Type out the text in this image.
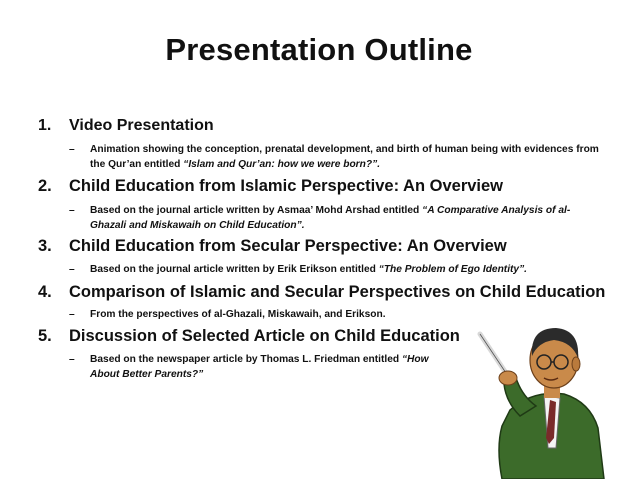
Presentation Outline
1.	Video Presentation
–	Animation showing the conception, prenatal development, and birth of human being with evidences from the Qur’an entitled “Islam and Qur’an: how we were born?”.
2.	Child Education from Islamic Perspective: An Overview
–	Based on the journal article written by Asmaa’ Mohd Arshad entitled “A Comparative Analysis of al-Ghazali and Miskawaih on Child Education”.
3.	Child Education from Secular Perspective: An Overview
–	Based on the journal article written by Erik Erikson entitled “The Problem of Ego Identity”.
4.	Comparison of Islamic and Secular Perspectives on Child Education
–	From the perspectives of al-Ghazali, Miskawaih, and Erikson.
5.	Discussion of Selected Article on Child Education
–	Based on the newspaper article by Thomas L. Friedman entitled “How About Better Parents?”
